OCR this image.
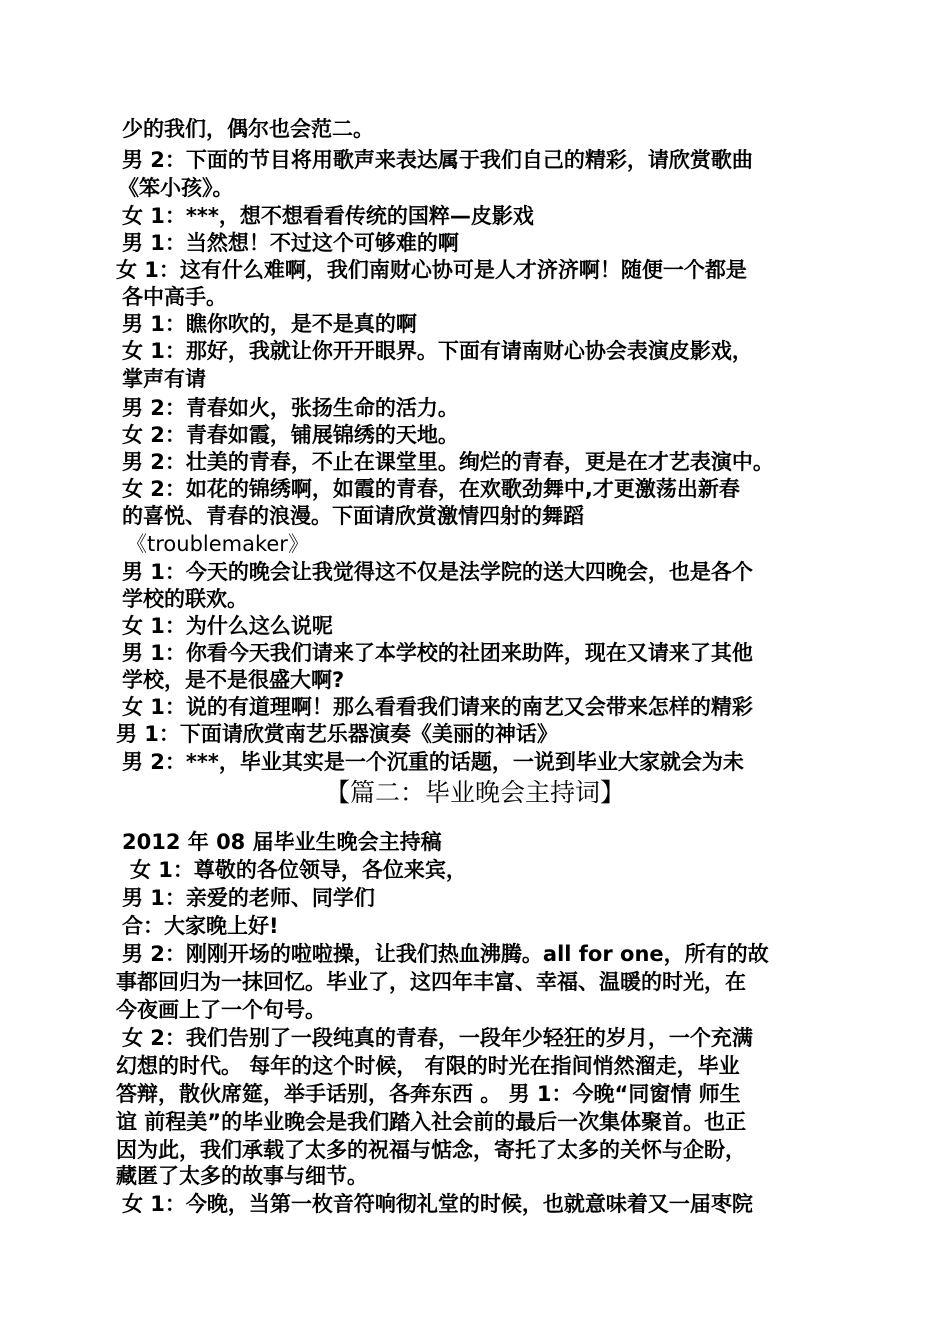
少的我们，偶尔也会范二。
男 2：下面的节目将用歌声来表达属于我们自己的精彩，请欣赏歌曲
《笨小孩》。
女 1：***，想不想看看传统的国粹—皮影戏
男 1：当然想！不过这个可够难的啊
女 1：这有什么难啊，我们南财心协可是人才济济啊！随便一个都是
各中高手。
男 1：瞧你吹的，是不是真的啊
女 1：那好，我就让你开开眼界。下面有请南财心协会表演皮影戏，
掌声有请
男 2：青春如火，张扬生命的活力。
女 2：青春如霞，铺展锦绣的天地。
男 2：壮美的青春，不止在课堂里。绚烂的青春，更是在才艺表演中。
女 2：如花的锦绣啊，如霞的青春，在欢歌劲舞中,才更激荡出新春
的喜悦、青春的浪漫。下面请欣赏激情四射的舞蹈
《troublemaker》
男 1：今天的晚会让我觉得这不仅是法学院的送大四晚会，也是各个
学校的联欢。
女 1：为什么这么说呢
男 1：你看今天我们请来了本学校的社团来助阵，现在又请来了其他
学校，是不是很盛大啊?
女 1：说的有道理啊！那么看看我们请来的南艺又会带来怎样的精彩
男 1：下面请欣赏南艺乐器演奏《美丽的神话》
男 2：***，毕业其实是一个沉重的话题，一说到毕业大家就会为未
【篇二：毕业晚会主持词】
2012 年 08 届毕业生晚会主持稿
女 1：尊敬的各位领导，各位来宾，
男 1：亲爱的老师、同学们
合：大家晚上好!
男 2：刚刚开场的啦啦操，让我们热血沸腾。all for one，所有的故
事都回归为一抹回忆。毕业了，这四年丰富、幸福、温暖的时光，在
今夜画上了一个句号。
女 2：我们告别了一段纯真的青春，一段年少轻狂的岁月，一个充满
幻想的时代。 每年的这个时候， 有限的时光在指间悄然溜走，毕业
答辩，散伙席筵，举手话别，各奔东西 。 男 1：今晚“同窗情 师生
谊 前程美”的毕业晚会是我们踏入社会前的最后一次集体聚首。也正
因为此，我们承载了太多的祝福与惦念，寄托了太多的关怀与企盼，
藏匿了太多的故事与细节。
女 1：今晚，当第一枚音符响彻礼堂的时候，也就意味着又一届枣院
